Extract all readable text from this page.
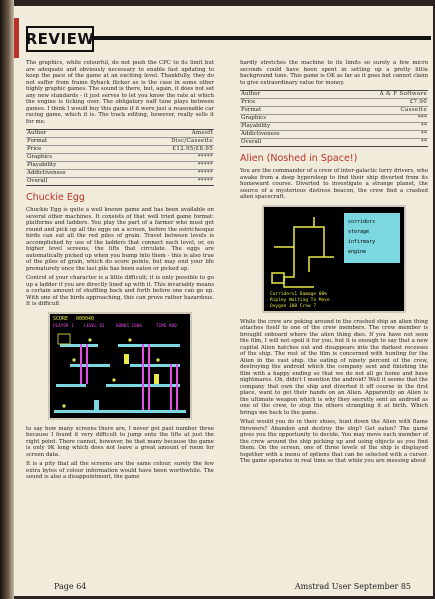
REVIEW

The graphics, while colourful, do not push the CPC to its limit but are adequate and obviously necessary to enable fast updating to keep the pace of the game at an exciting level. Thankfully, they do not suffer from frame flyback flicker as is the case in some other highly graphic games. The sound is there, but, again, it does not set any new standards - it just serves to let you know the rate at which the engine is ticking over. The obligatory naff tune plays between games. I think I would buy this game if it were just a reasonable car racing game, which it is. The track editing, however, really sells it for me.

Author	Amsoft
Format	Disc/Cassette
Price	£12.95/£8.95
Graphics	*****
Playability	*****
Addictiveness	*****
Overall	*****
Chuckie Egg

Chuckie Egg is quite a well known game and has been available on several other machines. It consists of that well tried game format: platforms and ladders. You play the part of a farmer who must get round and pick up all the eggs on a screen, before the ostrichesque birds can eat all the red piles of grain. Travel between levels is accomplished by use of the ladders that connect each level, or, on higher level screens, the lifts that circulate. The eggs are automatically picked up when you bump into them - this is also true of the piles of grain, which do score points, but may end your life prematurely once the last pile has been eaten or picked up.

Control of your character is a little difficult; it is only possible to go up a ladder if you are directly lined up with it. This invariably means a certain amount of shuffling back and forth before one can go up. With one of the birds approaching, this can prove rather hazardous. It is difficult

SCORE 000040
PLAYER 1 LEVEL 01	BONUS 1000	TIME 900

to say how many screens there are, I never got past number three because I found it very difficult to jump onto the lifts at just the right point. There cannot, however, be that many because the game is only 9K long which does not leave a great amount of room for screen data.

It is a pity that all the screens are the same colour, surely the few extra bytes of colour information would have been worthwhile. The sound is also a disappointment, the game

hardly stretches the machine to its limits so surely a few micro seconds could have been spent in setting up a pretty little background tune. This game is OK as far as it goes but cannot claim to give extraordinary value for money.

Author	A & F Software
Price	£7.90
Format	Cassette
Graphics	***
Playability	**
Addictiveness	**
Overall	**
Alien (Noshed in Space!)

You are the commander of a crew of inter-galactic lorry drivers, who awake from a deep hypersleep to find their ship diverted from its homeward course. Diverted to investigate a strange planet, the source of a mysterious distress beacon, the crew find a crashed alien spacecraft.

corridors
storage
infirmary
engine
Corridors1 Damage 00%
Ripley Waiting To Move
Oxygen 100 Crew 7

While the crew are poking around in the crashed ship an alien thing attaches itself to one of the crew members. The crew member is brought onboard where the alien thing dies. If you have not seen the film, I will not spoil it for you, but it is enough to say that a new capital Alien hatches out and disappears into the darkest recesses of the ship. The rest of the film is concerned with hunting for the Alien in the vast ship, the eating of ninety percent of the crew, destroying the android which the company sent and finishing the film with a happy ending so that we do not all go home and have nightmares. Oh, didn't I mention the android? Well it seems that the company that own the ship and diverted it off course in the first place, want to get their hands on an Alien. Apparently an Alien is the ultimate weapon which is why they secretly sent an android as one of the crew, to stop the others strangling it at birth. Which brings me back to the game.

What would you do in their shoes, hunt down the Alien with flame throwers? Abandon and destroy the ship? Get eaten? The game gives you the opportunity to decide. You may move each member of the crew around the ship picking up and using objects as you find them. On the screen, one of three levels of the ship is displayed together with a menu of options that can be selected with a cursor. The game operates in real time so that while you are messing about

Page 64	Amstrad User September 85
